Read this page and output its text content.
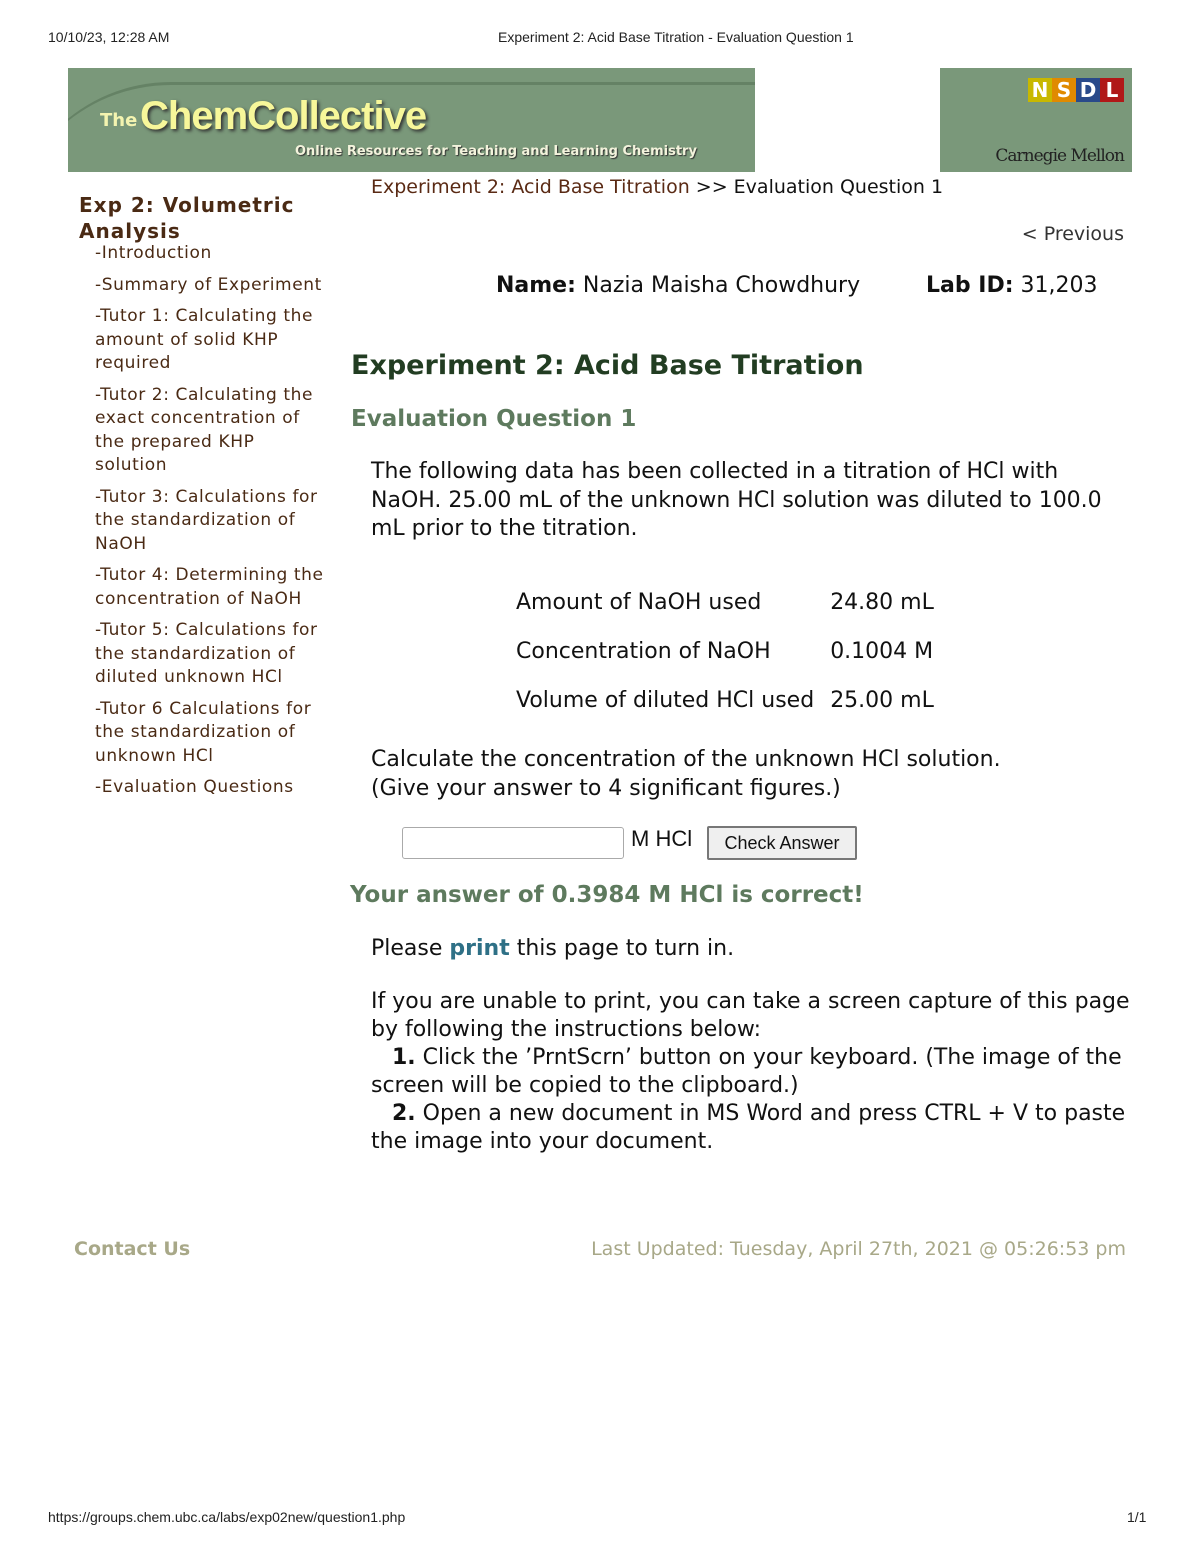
10/10/23, 12:28 AM	Experiment 2: Acid Base Titration - Evaluation Question 1
The ChemCollective
Online Resources for Teaching and Learning Chemistry
N S D L
Carnegie Mellon
Exp 2: Volumetric Analysis
-Introduction
-Summary of Experiment
-Tutor 1: Calculating the amount of solid KHP required
-Tutor 2: Calculating the exact concentration of the prepared KHP solution
-Tutor 3: Calculations for the standardization of NaOH
-Tutor 4: Determining the concentration of NaOH
-Tutor 5: Calculations for the standardization of diluted unknown HCl
-Tutor 6 Calculations for the standardization of unknown HCl
-Evaluation Questions
Experiment 2: Acid Base Titration >> Evaluation Question 1
< Previous
Name: Nazia Maisha Chowdhury	Lab ID: 31,203
Experiment 2: Acid Base Titration
Evaluation Question 1
The following data has been collected in a titration of HCl with NaOH. 25.00 mL of the unknown HCl solution was diluted to 100.0 mL prior to the titration.
Amount of NaOH used	24.80 mL
Concentration of NaOH	0.1004 M
Volume of diluted HCl used	25.00 mL
Calculate the concentration of the unknown HCl solution.
(Give your answer to 4 significant figures.)
M HCl	Check Answer
Your answer of 0.3984 M HCl is correct!
Please print this page to turn in.
If you are unable to print, you can take a screen capture of this page by following the instructions below:
1. Click the ’PrntScrn’ button on your keyboard. (The image of the screen will be copied to the clipboard.)
2. Open a new document in MS Word and press CTRL + V to paste the image into your document.
Contact Us	Last Updated: Tuesday, April 27th, 2021 @ 05:26:53 pm
https://groups.chem.ubc.ca/labs/exp02new/question1.php	1/1
